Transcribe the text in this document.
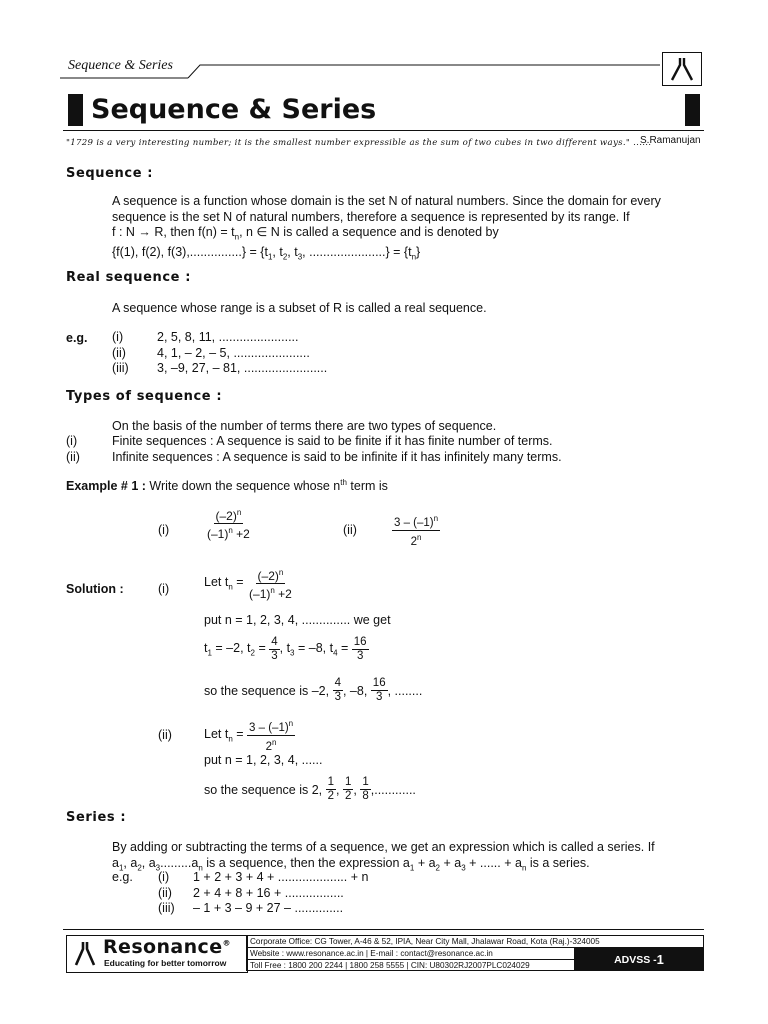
Sequence & Series
Sequence & Series
"1729 is a very interesting number; it is the smallest number expressible as the sum of two cubes in two different ways." ......
S.Ramanujan
Sequence :
A sequence is a function whose domain is the set N of natural numbers. Since the domain for every
sequence is the set N of natural numbers, therefore a sequence is represented by its range. If
f : N → R, then $f(n) = t_n$, n ∈ N is called a sequence and is denoted by
{f(1), f(2), $f(3),...............\} = \{t_1$, $t_2$, $t_3$, ......................} = $\{t_n\}$
Real sequence :
A sequence whose range is a subset of R is called a real sequence.
e.g. (i)	2, 5, 8, 11, .......................
(ii) 4, 1, – 2, – 5, ......................
(iii) 3, –9, 27, – 81, ........................
Types of sequence :
On the basis of the number of terms there are two types of sequence.
(i)	Finite sequences : A sequence is said to be finite if it has finite number of terms.
(ii)	Infinite sequences : A sequence is said to be infinite if it has infinitely many terms.
Example # 1 : Write down the sequence whose $n^{th}$ term is
(i)	$\frac{(-2)^n}{(-1)^n +2}$	(ii)	$\frac{3 - (-1)^n}{2^n}$
Solution :	(i)	Let $t_n = \frac{(-2)^n}{(-1)^n +2}$
put n = 1, 2, 3, 4, .............. we get
$t_1 = -2$, $t_2 = \frac{4}{3}$ , $t_3 = -8$, $t_4 = \frac{16}{3}$
so the sequence is –2,
$\frac{4}{3}$ , –8,
$\frac{16}{3}$ , ........
(ii)	Let $t_n = \frac{3 - (-1)^n}{2^n}$
put n = 1, 2, 3, 4, ......
so the sequence is 2,
$\frac{1}{2}$ , $\frac{1}{2}$ , $\frac{1}{8}$ ,............
Series :
By adding or subtracting the terms of a sequence, we get an expression which is called a series. If
$a_1$, $a_2$, $a_3.........a_n$ is a sequence, then the expression $a_1 + a_2 + a_3$ + ...... + $a_n$ is a series.
e.g. (i) 1 + 2 + 3 + 4 + .................... + n
(ii) 2 + 4 + 8 + 16 + .................
(iii) – 1 + 3 – 9 + 27 – ..............
Resonance®
Educating for better tomorrow
Corporate Office: CG Tower, A-46 & 52, IPIA, Near City Mall, Jhalawar Road, Kota (Raj.)-324005
Website : www.resonance.ac.in | E-mail : contact@resonance.ac.in
Toll Free : 1800 200 2244 | 1800 258 5555 | CIN: U80302RJ2007PLC024029	ADVSS - 1
